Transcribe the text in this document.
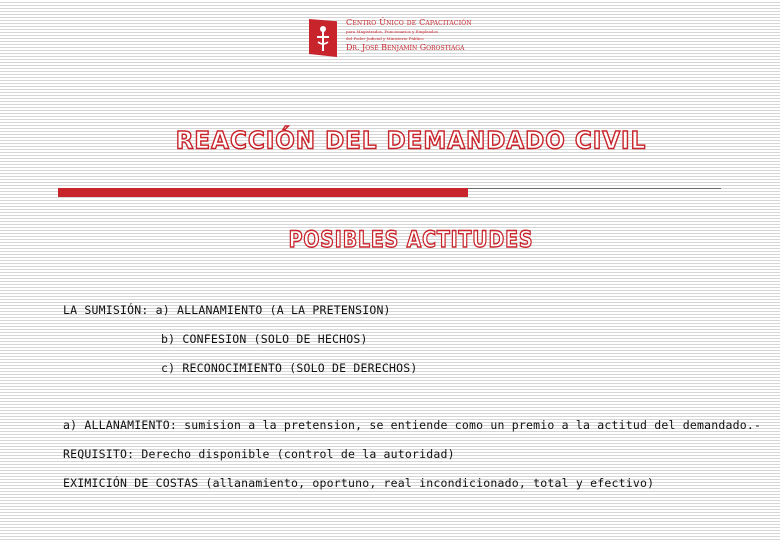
Centro Único de Capacitación
para Magistrados, Funcionarios y Empleados
del Poder Judicial y Ministerio Público
Dr. José Benjamín Gorostiaga
REACCIÓN DEL DEMANDADO CIVIL
POSIBLES ACTITUDES

LA SUMISIÓN: a) ALLANAMIENTO (A LA PRETENSION)

b) CONFESION (SOLO DE HECHOS)

c) RECONOCIMIENTO (SOLO DE DERECHOS)

a) ALLANAMIENTO: sumision a la pretension, se entiende como un premio a la actitud del demandado.-

REQUISITO: Derecho disponible (control de la autoridad)

EXIMICIÓN DE COSTAS (allanamiento, oportuno, real incondicionado, total y efectivo)
